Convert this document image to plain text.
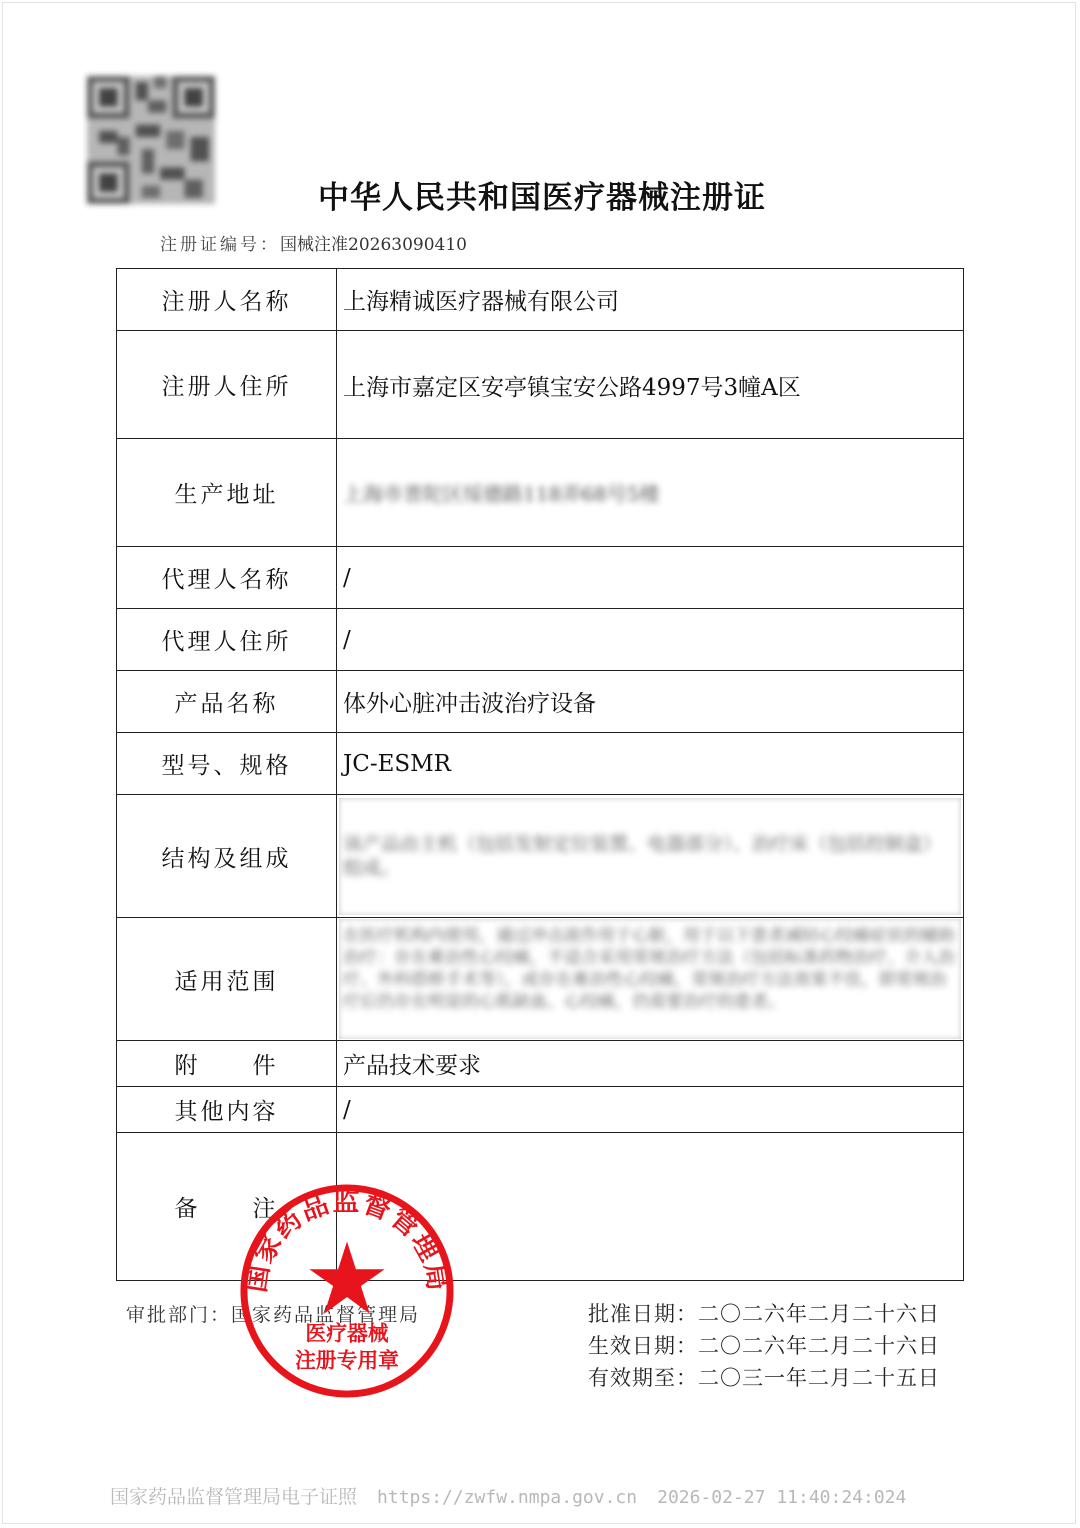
中华人民共和国医疗器械注册证
注册证编号：国械注准20263090410
注册人名称	上海精诚医疗器械有限公司
注册人住所	上海市嘉定区安亭镇宝安公路4997号3幢A区
生产地址	上海市普陀区绥德路118弄68号5楼
代理人名称	/
代理人住所	/
产品名称	体外心脏冲击波治疗设备
型号、规格	JC-ESMR
结构及组成	该产品由主机（包括发射定位装置、电器部分）、治疗床（包括控制盒）组成。

适用范围	在医疗机构内使用，通过冲击波作用于心脏，用于以下患者减轻心绞痛症状的辅助治疗：存在难治性心绞痛，不适合采用常规治疗方法（包括标准药物治疗、介入治疗、外科搭桥手术等），或存在难治性心绞痛，常规治疗方法效果不佳，即常规治疗后仍存在明显的心肌缺血、心绞痛，仍需要治疗的患者。

附　　件	产品技术要求
其他内容	/
备　　注	
审批部门：国家药品监督管理局	批准日期：二〇二六年二月二十六日
生效日期：二〇二六年二月二十六日
有效期至：二〇三一年二月二十五日
国家药品监督管理局
医疗器械
注册专用章
国家药品监督管理局电子证照 https://zwfw.nmpa.gov.cn 2026-02-27 11:40:24:024
